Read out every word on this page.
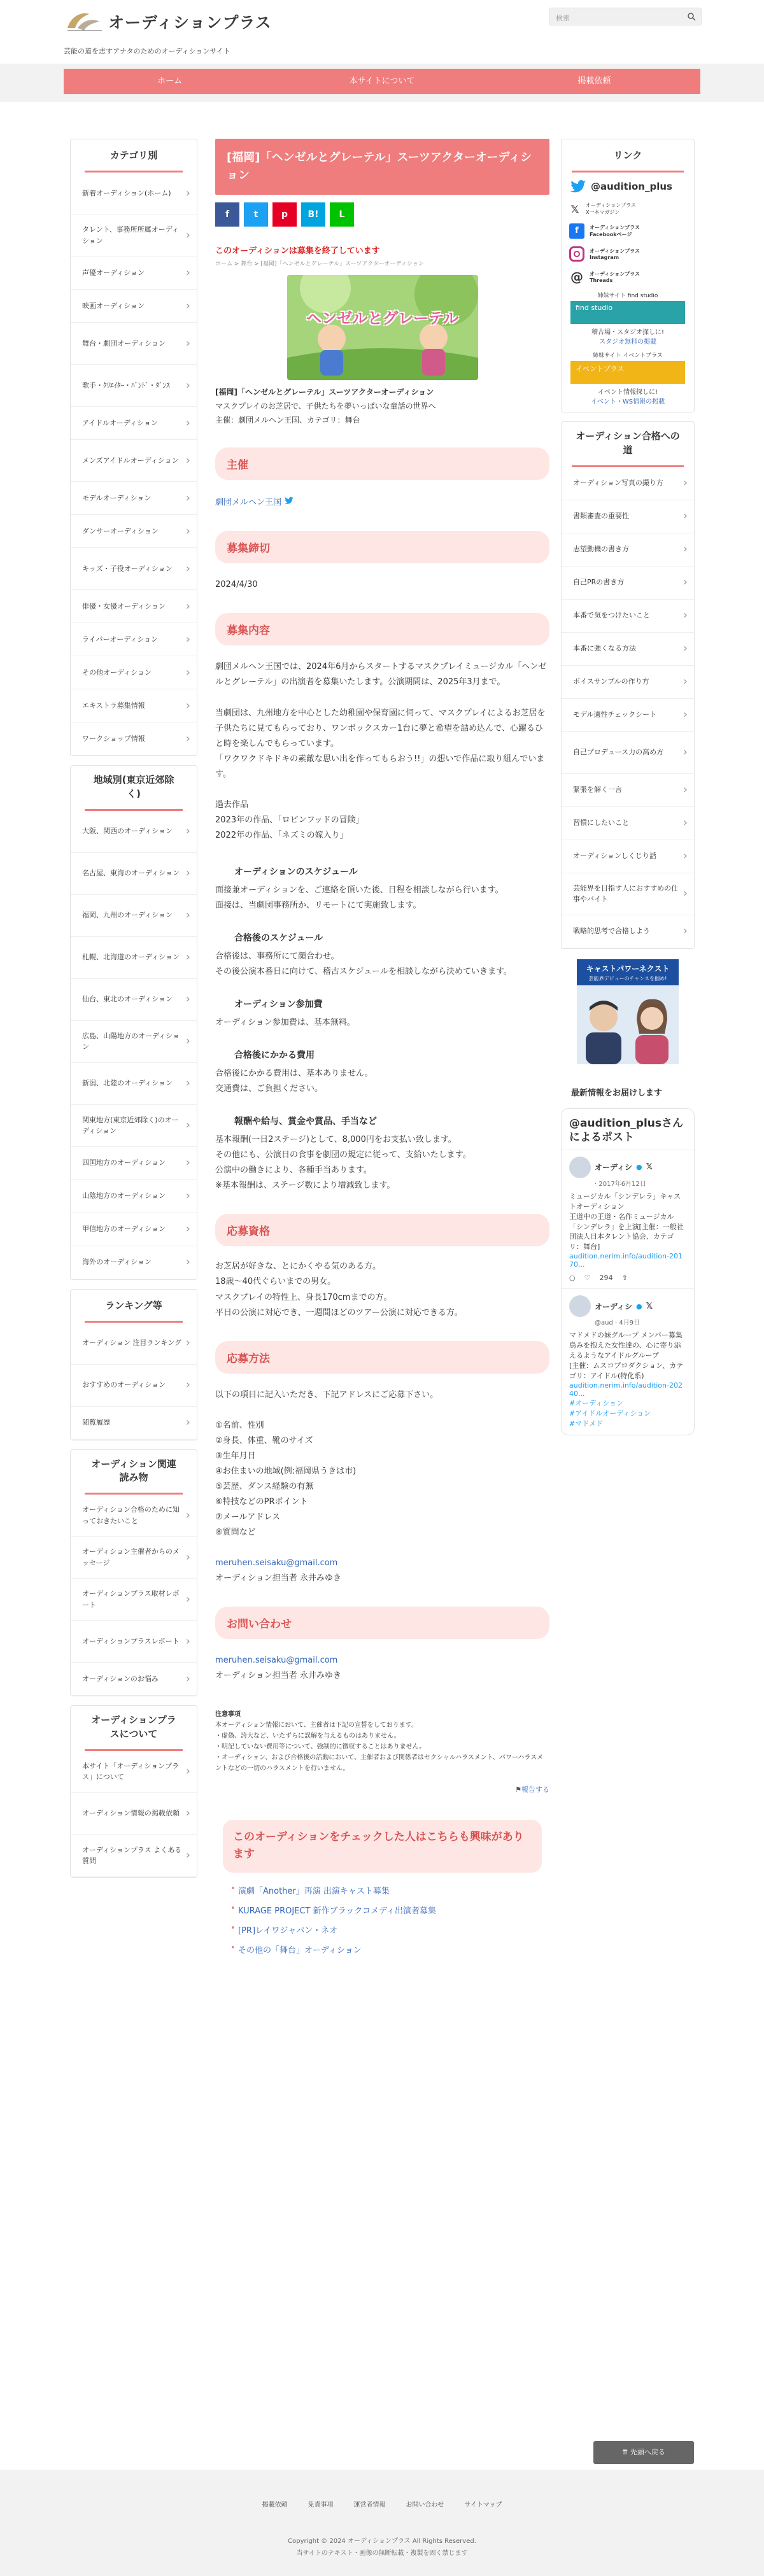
オーディションプラス
芸能の道を志すアナタのためのオーディションサイト
検索
ホーム	本サイトについて	掲載依頼
カテゴリ別
新着オーディション(ホーム) ›
タレント、事務所所属オーディション ›
声優オーディション ›
映画オーディション ›
舞台・劇団オーディション ›
歌手・ｸﾘｴｲﾀｰ・ﾊﾞﾝﾄﾞ・ﾀﾞﾝｽ ›
アイドルオーディション ›
メンズアイドルオーディション ›
モデルオーディション ›
ダンサーオーディション ›
キッズ・子役オーディション ›
俳優・女優オーディション ›
ライバーオーディション ›
その他オーディション ›
エキストラ募集情報 ›
ワークショップ情報 ›
地域別(東京近郊除く)
大阪、関西のオーディション ›
名古屋、東海のオーディション ›
福岡、九州のオーディション ›
札幌、北海道のオーディション ›
仙台、東北のオーディション ›
広島、山陽地方のオーディション ›
新潟、北陸のオーディション ›
関東地方(東京近郊除く)のオーディション ›
四国地方のオーディション ›
山陰地方のオーディション ›
甲信地方のオーディション ›
海外のオーディション ›
ランキング等
オーディション 注目ランキング ›
おすすめのオーディション ›
閲覧履歴 ›
オーディション関連読み物
オーディション合格のために知っておきたいこと ›
オーディション主催者からのメッセージ ›
オーディションプラス取材レポート ›
オーディションプラスレポート ›
オーディションのお悩み ›
オーディションプラスについて
本サイト「オーディションプラス」について ›
オーディション情報の掲載依頼 ›
オーディションプラス よくある質問 ›
[福岡]「ヘンゼルとグレーテル」スーツアクターオーディション
f	t	p	B!	L
このオーディションは募集を終了しています
ホーム > 舞台 > [福岡]「ヘンゼルとグレーテル」スーツアクターオーディション
ヘンゼルとグレーテル

[福岡]「ヘンゼルとグレーテル」スーツアクターオーディション

マスクプレイのお芝居で、子供たちを夢いっぱいな童話の世界へ

主催：劇団メルヘン王国、カテゴリ：舞台

主催

劇団メルヘン王国

募集締切

2024/4/30

募集内容

劇団メルヘン王国では、2024年6月からスタートするマスクプレイミュージカル「ヘンゼルとグレーテル」の出演者を募集いたします。公演期間は、2025年3月まで。

当劇団は、九州地方を中心とした幼稚園や保育園に伺って、マスクプレイによるお芝居を子供たちに見てもらっており、ワンボックスカー1台に夢と希望を詰め込んで、心躍るひと時を楽しんでもらっています。

「ワクワクドキドキの素敵な思い出を作ってもらおう!!」の想いで作品に取り組んでいます。

過去作品

2023年の作品、「ロビンフッドの冒険」

2022年の作品、「ネズミの嫁入り」

オーディションのスケジュール

面接兼オーディションを、ご連絡を頂いた後、日程を相談しながら行います。

面接は、当劇団事務所か、リモートにて実施致します。

合格後のスケジュール

合格後は、事務所にて顔合わせ。

その後公演本番日に向けて、稽古スケジュールを相談しながら決めていきます。

オーディション参加費

オーディション参加費は、基本無料。

合格後にかかる費用

合格後にかかる費用は、基本ありません。

交通費は、ご負担ください。

報酬や給与、賞金や賞品、手当など

基本報酬(一日2ステージ)として、8,000円をお支払い致します。

その他にも、公演日の食事を劇団の規定に従って、支給いたします。

公演中の働きにより、各種手当あります。

※基本報酬は、ステージ数により増減致します。

応募資格

お芝居が好きな、とにかくやる気のある方。

18歳〜40代ぐらいまでの男女。

マスクプレイの特性上、身長170cmまでの方。

平日の公演に対応でき、一週間ほどのツアー公演に対応できる方。

応募方法

以下の項目に記入いただき、下記アドレスにご応募下さい。

①名前、性別

②身長、体重、靴のサイズ

③生年月日

④お住まいの地域(例:福岡県うきは市)

⑤芸歴、ダンス経験の有無

⑥特技などのPRポイント

⑦メールアドレス

⑧質問など

meruhen.seisaku@gmail.com

オーディション担当者 永井みゆき

お問い合わせ

meruhen.seisaku@gmail.com

オーディション担当者 永井みゆき

注意事項
本オーディション情報において、主催者は下記の宣誓をしております。
・虚偽、誇大など、いたずらに誤解を与えるものはありません。
・明記していない費用等について、強制的に徴収することはありません。
・オーディション、および合格後の活動において、主催者および関係者はセクシャルハラスメント、パワーハラスメントなどの一切のハラスメントを行いません。
⚑報告する
このオーディションをチェックした人はこちらも興味があります
• 演劇「Another」再演 出演キャスト募集
• KURAGE PROJECT 新作ブラックコメディ出演者募集
• [PR]レイワジャパン・ネオ
• その他の「舞台」オーディション
リンク
@audition_plus
𝕏	オーディションプラス
X一本マガジン
f	オーディションプラス
Facebookページ
オーディションプラス
Instagram
@ オーディションプラス
Threads
姉妹サイト find studio
find studio
稽古場・スタジオ探しに!
スタジオ無料の掲載
姉妹サイト イベントプラス
イベントプラス
イベント情報探しに!
イベント・WS情報の掲載
オーディション合格への道
オーディション写真の撮り方 ›
書類審査の重要性 ›
志望動機の書き方 ›
自己PRの書き方 ›
本番で気をつけたいこと ›
本番に強くなる方法 ›
ボイスサンプルの作り方 ›
モデル適性チェックシート ›
自己プロデュース力の高め方 ›
緊張を解く一言 ›
習慣にしたいこと ›
オーディションしくじり話 ›
芸能界を目指す人におすすめの仕事やバイト ›
戦略的思考で合格しよう ›
キャストパワーネクスト
芸能界デビューのチャンスを掴め!
最新情報をお届けします
@audition_plusさんによるポスト
オーディシ ● 𝕏
· 2017年6月12日
ミュージカル「シンデレラ」キャストオーディション
王道中の王道・名作ミュージカル「シンデレラ」を上演[主催：一般社団法人日本タレント協会、カテゴリ：舞台]
audition.nerim.info/audition-20170...
○ ♡ 294 ⇧
オーディシ ● 𝕏
@aud · 4月9日
マドメドの妹グループ メンバー募集
鳥みを抱えた女性達の、心に寄り添えるようなアイドルグループ
[主催：ムスコプロダクション、カテゴリ：アイドル(特化系)
audition.nerim.info/audition-20240...
#オーディション
#アイドルオーディション
#マドメド
⇈ 先頭へ戻る
掲載依頼	免責事項	運営者情報	お問い合わせ	サイトマップ
Copyright © 2024 オーディションプラス All Rights Reserved.
当サイトのテキスト・画像の無断転載・複製を固く禁じます
